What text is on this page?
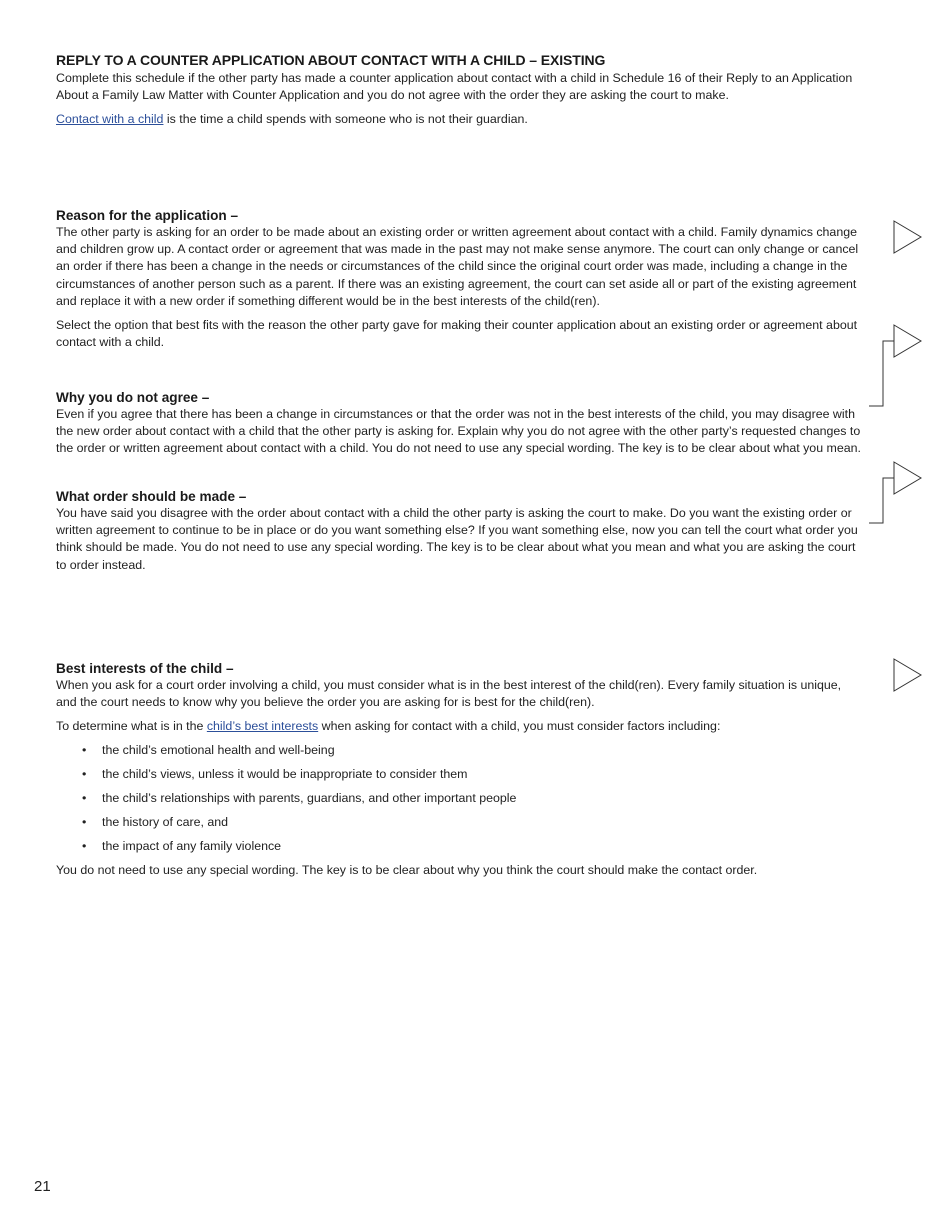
REPLY TO A COUNTER APPLICATION ABOUT CONTACT WITH A CHILD – EXISTING

Complete this schedule if the other party has made a counter application about contact with a child in Schedule 16 of their Reply to an Application About a Family Law Matter with Counter Application and you do not agree with the order they are asking the court to make.

Contact with a child is the time a child spends with someone who is not their guardian.

Reason for the application –

The other party is asking for an order to be made about an existing order or written agreement about contact with a child. Family dynamics change and children grow up. A contact order or agreement that was made in the past may not make sense anymore. The court can only change or cancel an order if there has been a change in the needs or circumstances of the child since the original court order was made, including a change in the circumstances of another person such as a parent. If there was an existing agreement, the court can set aside all or part of the existing agreement and replace it with a new order if something different would be in the best interests of the child(ren).

Select the option that best fits with the reason the other party gave for making their counter application about an existing order or agreement about contact with a child.

Why you do not agree –

Even if you agree that there has been a change in circumstances or that the order was not in the best interests of the child, you may disagree with the new order about contact with a child that the other party is asking for. Explain why you do not agree with the other party’s requested changes to the order or written agreement about contact with a child. You do not need to use any special wording. The key is to be clear about what you mean.

What order should be made –

You have said you disagree with the order about contact with a child the other party is asking the court to make. Do you want the existing order or written agreement to continue to be in place or do you want something else? If you want something else, now you can tell the court what order you think should be made. You do not need to use any special wording. The key is to be clear about what you mean and what you are asking the court to order instead.

Best interests of the child –

When you ask for a court order involving a child, you must consider what is in the best interest of the child(ren). Every family situation is unique, and the court needs to know why you believe the order you are asking for is best for the child(ren).

To determine what is in the child’s best interests when asking for contact with a child, you must consider factors including:

• the child’s emotional health and well-being
• the child’s views, unless it would be inappropriate to consider them
• the child’s relationships with parents, guardians, and other important people
• the history of care, and
• the impact of any family violence

You do not need to use any special wording. The key is to be clear about why you think the court should make the contact order.

21
